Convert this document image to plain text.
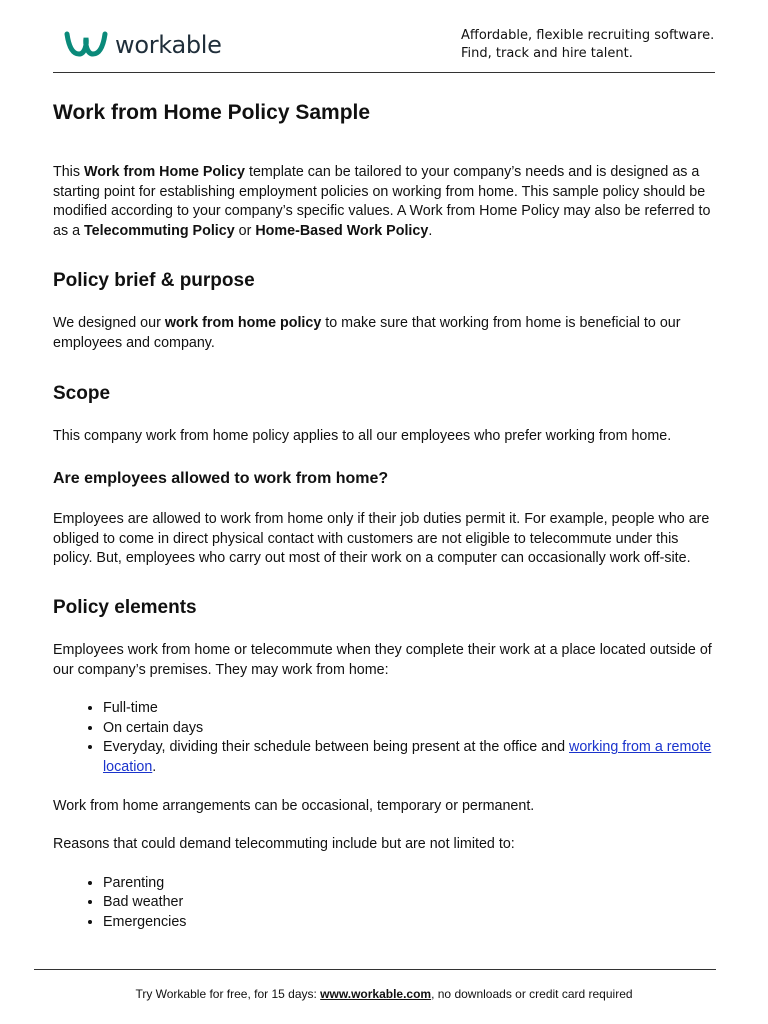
workable	Affordable, flexible recruiting software.
Find, track and hire talent.
Work from Home Policy Sample

This Work from Home Policy template can be tailored to your company’s needs and is designed as a starting point for establishing employment policies on working from home. This sample policy should be modified according to your company’s specific values. A Work from Home Policy may also be referred to as a Telecommuting Policy or Home-Based Work Policy.

Policy brief & purpose

We designed our work from home policy to make sure that working from home is beneficial to our employees and company.

Scope

This company work from home policy applies to all our employees who prefer working from home.

Are employees allowed to work from home?

Employees are allowed to work from home only if their job duties permit it. For example, people who are obliged to come in direct physical contact with customers are not eligible to telecommute under this policy. But, employees who carry out most of their work on a computer can occasionally work off-site.

Policy elements

Employees work from home or telecommute when they complete their work at a place located outside of our company’s premises. They may work from home:

• Full-time
• On certain days
• Everyday, dividing their schedule between being present at the office and working from a remote location.

Work from home arrangements can be occasional, temporary or permanent.

Reasons that could demand telecommuting include but are not limited to:

• Parenting
• Bad weather
• Emergencies
Try Workable for free, for 15 days: www.workable.com, no downloads or credit card required
